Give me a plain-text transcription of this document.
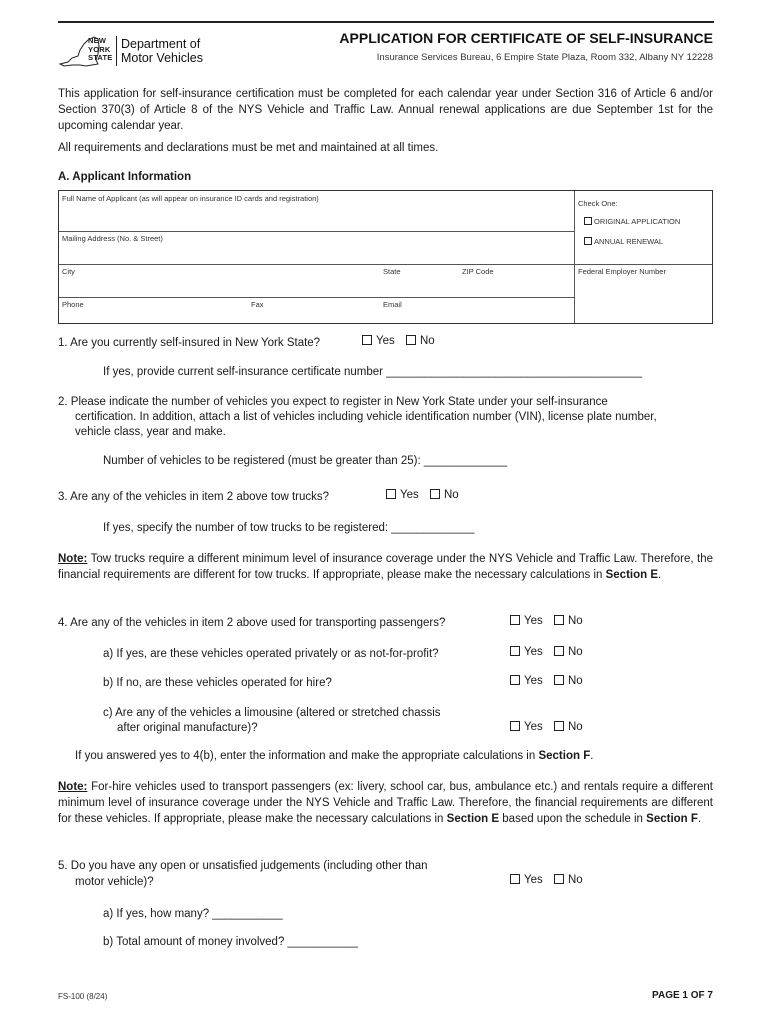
NEW
YORK
STATE
Department of
Motor Vehicles
APPLICATION FOR CERTIFICATE OF SELF-INSURANCE
Insurance Services Bureau, 6 Empire State Plaza, Room 332, Albany NY 12228
This application for self-insurance certification must be completed for each calendar year under Section 316 of Article 6 and/or Section 370(3) of Article 8 of the NYS Vehicle and Traffic Law. Annual renewal applications are due September 1st for the upcoming calendar year.
All requirements and declarations must be met and maintained at all times.
A. Applicant Information
Full Name of Applicant (as will appear on insurance ID cards and registration)
Check One:
ORIGINAL APPLICATION
ANNUAL RENEWAL
Mailing Address (No. & Street)
City	State	ZIP Code	Federal Employer Number
Phone	Fax	Email
1. Are you currently self-insured in New York State?	Yes No
If yes, provide current self-insurance certificate number ________________________________________
2. Please indicate the number of vehicles you expect to register in New York State under your self-insurance
certification. In addition, attach a list of vehicles including vehicle identification number (VIN), license plate number,
vehicle class, year and make.
Number of vehicles to be registered (must be greater than 25): _____________
3. Are any of the vehicles in item 2 above tow trucks?	Yes No
If yes, specify the number of tow trucks to be registered: _____________
Note: Tow trucks require a different minimum level of insurance coverage under the NYS Vehicle and Traffic Law. Therefore, the financial requirements are different for tow trucks. If appropriate, please make the necessary calculations in Section E.
4. Are any of the vehicles in item 2 above used for transporting passengers?	Yes No
a) If yes, are these vehicles operated privately or as not-for-profit?	Yes No
b) If no, are these vehicles operated for hire?	Yes No
c) Are any of the vehicles a limousine (altered or stretched chassis
after original manufacture)?	Yes No
If you answered yes to 4(b), enter the information and make the appropriate calculations in Section F.
Note: For-hire vehicles used to transport passengers (ex: livery, school car, bus, ambulance etc.) and rentals require a different minimum level of insurance coverage under the NYS Vehicle and Traffic Law. Therefore, the financial requirements are different for these vehicles. If appropriate, please make the necessary calculations in Section E based upon the schedule in Section F.
5. Do you have any open or unsatisfied judgements (including other than
motor vehicle)?	Yes No
a) If yes, how many? ___________
b) Total amount of money involved? ___________
FS-100 (8/24)	PAGE 1 OF 7
